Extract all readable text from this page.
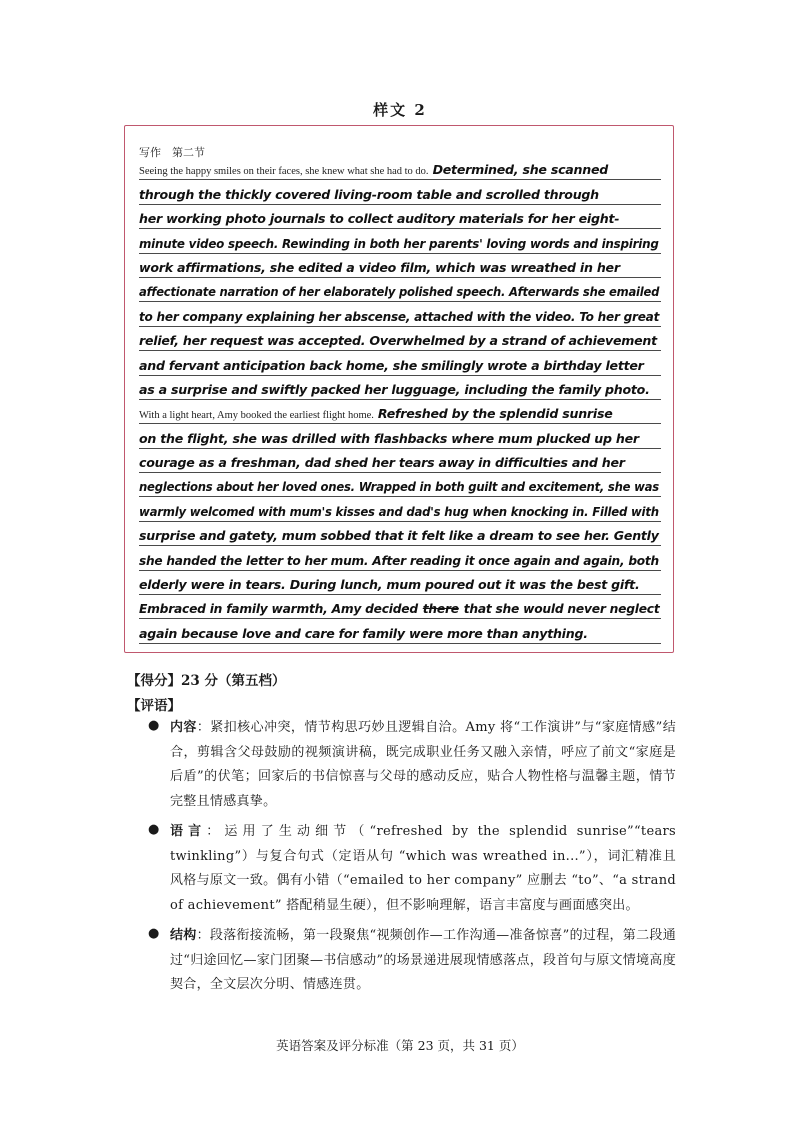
样文 2
写作　第二节
Seeing the happy smiles on their faces, she knew what she had to do. Determined, she scanned
through the thickly covered living-room table and scrolled through
her working photo journals to collect auditory materials for her eight-
minute video speech. Rewinding in both her parents' loving words and inspiring
work affirmations, she edited a video film, which was wreathed in her
affectionate narration of her elaborately polished speech. Afterwards she emailed
to her company explaining her abscense, attached with the video. To her great
relief, her request was accepted. Overwhelmed by a strand of achievement
and fervant anticipation back home, she smilingly wrote a birthday letter
as a surprise and swiftly packed her lugguage, including the family photo.
With a light heart, Amy booked the earliest flight home. Refreshed by the splendid sunrise
on the flight, she was drilled with flashbacks where mum plucked up her
courage as a freshman, dad shed her tears away in difficulties and her
neglections about her loved ones. Wrapped in both guilt and excitement, she was
warmly welcomed with mum's kisses and dad's hug when knocking in. Filled with
surprise and gatety, mum sobbed that it felt like a dream to see her. Gently
she handed the letter to her mum. After reading it once again and again, both
elderly were in tears. During lunch, mum poured out it was the best gift.
Embraced in family warmth, Amy decided there that she would never neglect
again because love and care for family were more than anything.
【得分】23 分（第五档）
【评语】
● 内容：紧扣核心冲突，情节构思巧妙且逻辑自洽。Amy 将“工作演讲”与“家庭情感”结合，剪辑含父母鼓励的视频演讲稿，既完成职业任务又融入亲情，呼应了前文“家庭是后盾”的伏笔；回家后的书信惊喜与父母的感动反应，贴合人物性格与温馨主题，情节完整且情感真挚。
● 语言：运用了生动细节（“refreshed by the splendid sunrise”“tears twinkling”）与复合句式（定语从句 “which was wreathed in...”），词汇精准且风格与原文一致。偶有小错（“emailed to her company” 应删去 “to”、“a strand of achievement” 搭配稍显生硬），但不影响理解，语言丰富度与画面感突出。
● 结构：段落衔接流畅，第一段聚焦“视频创作—工作沟通—准备惊喜”的过程，第二段通过“归途回忆—家门团聚—书信感动”的场景递进展现情感落点，段首句与原文情境高度契合，全文层次分明、情感连贯。
英语答案及评分标准（第 23 页，共 31 页）
